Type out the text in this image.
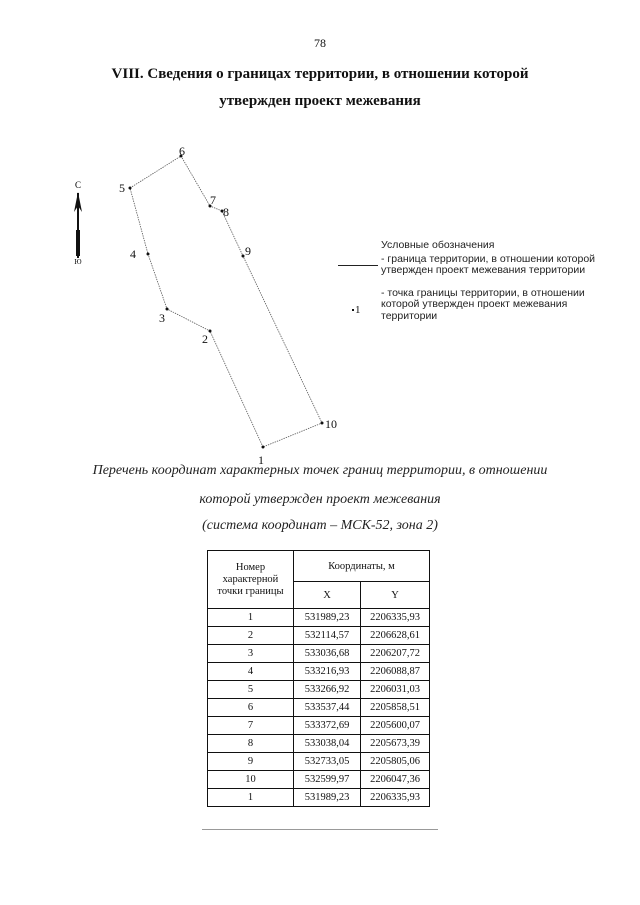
78
VIII. Сведения о границах территории, в отношении которой
утвержден проект межевания
С
Ю
1
2
3
4
5
6
7
8
9
10
1
Условные обозначения
- граница территории, в отношении которой утвержден проект межевания территории
- точка границы территории, в отношении которой утвержден проект межевания территории
Перечень координат характерных точек границ территории, в отношении
которой утвержден проект межевания
(система координат – МСК-52, зона 2)
Номер характерной точки границы	Координаты, м	
	X	Y
1	531989,23	2206335,93
2	532114,57	2206628,61
3	533036,68	2206207,72
4	533216,93	2206088,87
5	533266,92	2206031,03
6	533537,44	2205858,51
7	533372,69	2205600,07
8	533038,04	2205673,39
9	532733,05	2205805,06
10	532599,97	2206047,36
1	531989,23	2206335,93
